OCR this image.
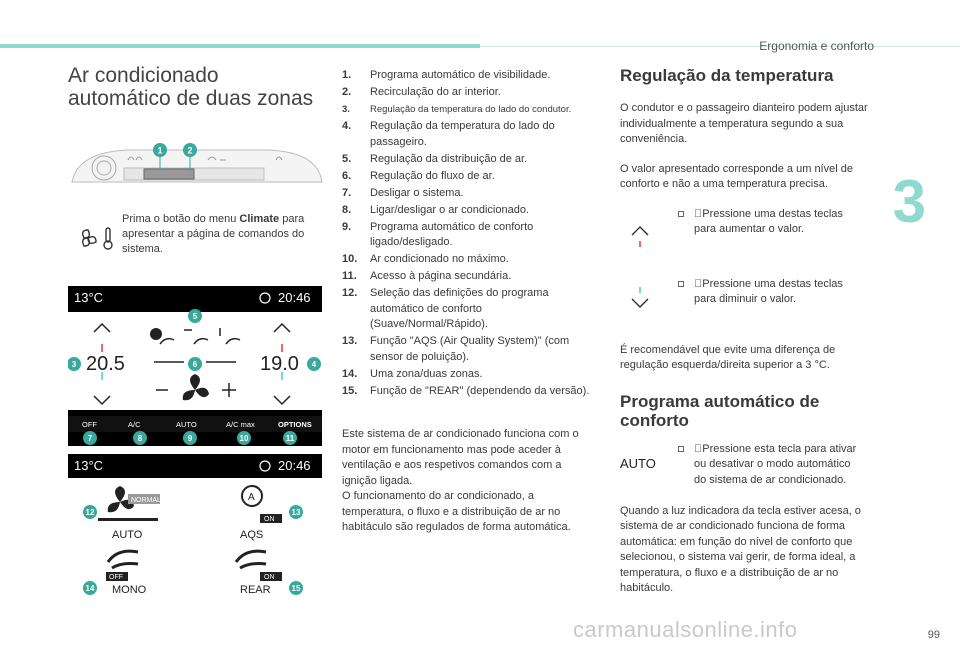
Ergonomia e conforto
3
Ar condicionado
automático de duas zonas
1	2
Prima o botão do menu Climate para apresentar a página de comandos do sistema.
13°C	20:46
20.5	19.0
OFF	A/C	AUTO	A/C max	OPTIONS
5
3	6	4
7	8	9	10	11
13°C	20:46
NORMAL
AUTO
A
ON
AQS
OFF
MONO
ON
REAR
12	13
14	15
1. Programa automático de visibilidade.
2. Recirculação do ar interior.
3. Regulação da temperatura do lado do condutor.
4. Regulação da temperatura do lado do passageiro.
5. Regulação da distribuição de ar.
6. Regulação do fluxo de ar.
7. Desligar o sistema.
8. Ligar/desligar o ar condicionado.
9. Programa automático de conforto ligado/desligado.
10. Ar condicionado no máximo.
11. Acesso à página secundária.
12. Seleção das definições do programa automático de conforto (Suave/Normal/Rápido).
13. Função "AQS (Air Quality System)" (com sensor de poluição).
14. Uma zona/duas zonas.
15. Função de "REAR" (dependendo da versão).

Este sistema de ar condicionado funciona com o motor em funcionamento mas pode aceder à ventilação e aos respetivos comandos com a ignição ligada.
O funcionamento do ar condicionado, a temperatura, o fluxo e a distribuição de ar no habitáculo são regulados de forma automática.

Regulação da temperatura

O condutor e o passageiro dianteiro podem ajustar individualmente a temperatura segundo a sua conveniência.

O valor apresentado corresponde a um nível de conforto e não a uma temperatura precisa.

Pressione uma destas teclas para aumentar o valor.
Pressione uma destas teclas para diminuir o valor.

É recomendável que evite uma diferença de regulação esquerda/direita superior a 3 °C.

Programa automático de conforto
AUTO
Pressione esta tecla para ativar ou desativar o modo automático do sistema de ar condicionado.

Quando a luz indicadora da tecla estiver acesa, o sistema de ar condicionado funciona de forma automática: em função do nível de conforto que selecionou, o sistema vai gerir, de forma ideal, a temperatura, o fluxo e a distribuição de ar no habitáculo.

carmanualsonline.info	99
